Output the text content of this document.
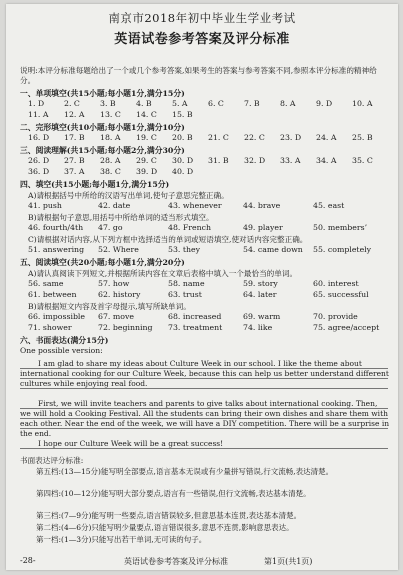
南京市2018年初中毕业生学业考试
英语试卷参考答案及评分标准
说明:本评分标准每题给出了一个或几个参考答案,如果考生的答案与参考答案不同,参照本评分标准的精神给分。
一、单项填空(共15小题;每小题1分,满分15分)
1. D	2. C	3. B	4. B	5. A	6. C	7. B	8. A	9. D	10. A
11. A 12. A 13. C 14. C 15. B
二、完形填空(共10小题;每小题1分,满分10分)
16. D 17. B 18. A 19. C 20. B 21. C 22. C 23. D 24. A 25. B
三、阅读理解(共15小题;每小题2分,满分30分)
26. D 27. B 28. A 29. C 30. D 31. B 32. D 33. A 34. A 35. C
36. D 37. A 38. C 39. D 40. D
四、填空(共15小题;每小题1分,满分15分)
A)请根据括号中所给的汉语写出单词,使句子意思完整正确。
41. push	42. date	43. whenever	44. brave	45. east
B)请根据句子意思,用括号中所给单词的适当形式填空。
46. fourth/4th 47. go	48. French	49. player	50. members’
C)请根据对话内容,从下列方框中选择适当的单词或短语填空,使对话内容完整正确。
51. answering 52. Where	53. they	54. came down 55. completely
五、阅读填空(共20小题;每小题1分,满分20分)
A)请认真阅读下列短文,并根据所读内容在文章后表格中填入一个最恰当的单词。
56. same	57. how	58. name	59. story	60. interest
61. between	62. history	63. trust	64. later	65. successful
B)请根据短文内容及首字母提示,填写所缺单词。
66. impossible 67. move	68. increased	69. warm	70. provide
71. shower	72. beginning 73. treatment	74. like	75. agree/accept
六、书面表达(满分15分)
One possible version:
I am glad to share my ideas about Culture Week in our school. I like the theme about international cooking for our Culture Week, because this can help us better understand different cultures while enjoying real food.
First, we will invite teachers and parents to give talks about international cooking. Then, we will hold a Cooking Festival. All the students can bring their own dishes and share them with each other. Near the end of the week, we will have a DIY competition. There will be a surprise in the end.
I hope our Culture Week will be a great success!
书面表达评分标准:
第五档:(13—15分)能写明全部要点,语言基本无误或有少量拼写错误,行文流畅,表达清楚。
第四档:(10—12分)能写明大部分要点,语言有一些错误,但行文流畅,表达基本清楚。
第三档:(7—9分)能写明一些要点,语言错误较多,但意思基本连贯,表达基本清楚。
第二档:(4—6分)只能写明少量要点,语言错误很多,意思不连贯,影响意思表达。
第一档:(1—3分)只能写出若干单词,无可读的句子。
-28-	英语试卷参考答案及评分标准	第1页(共1页)
